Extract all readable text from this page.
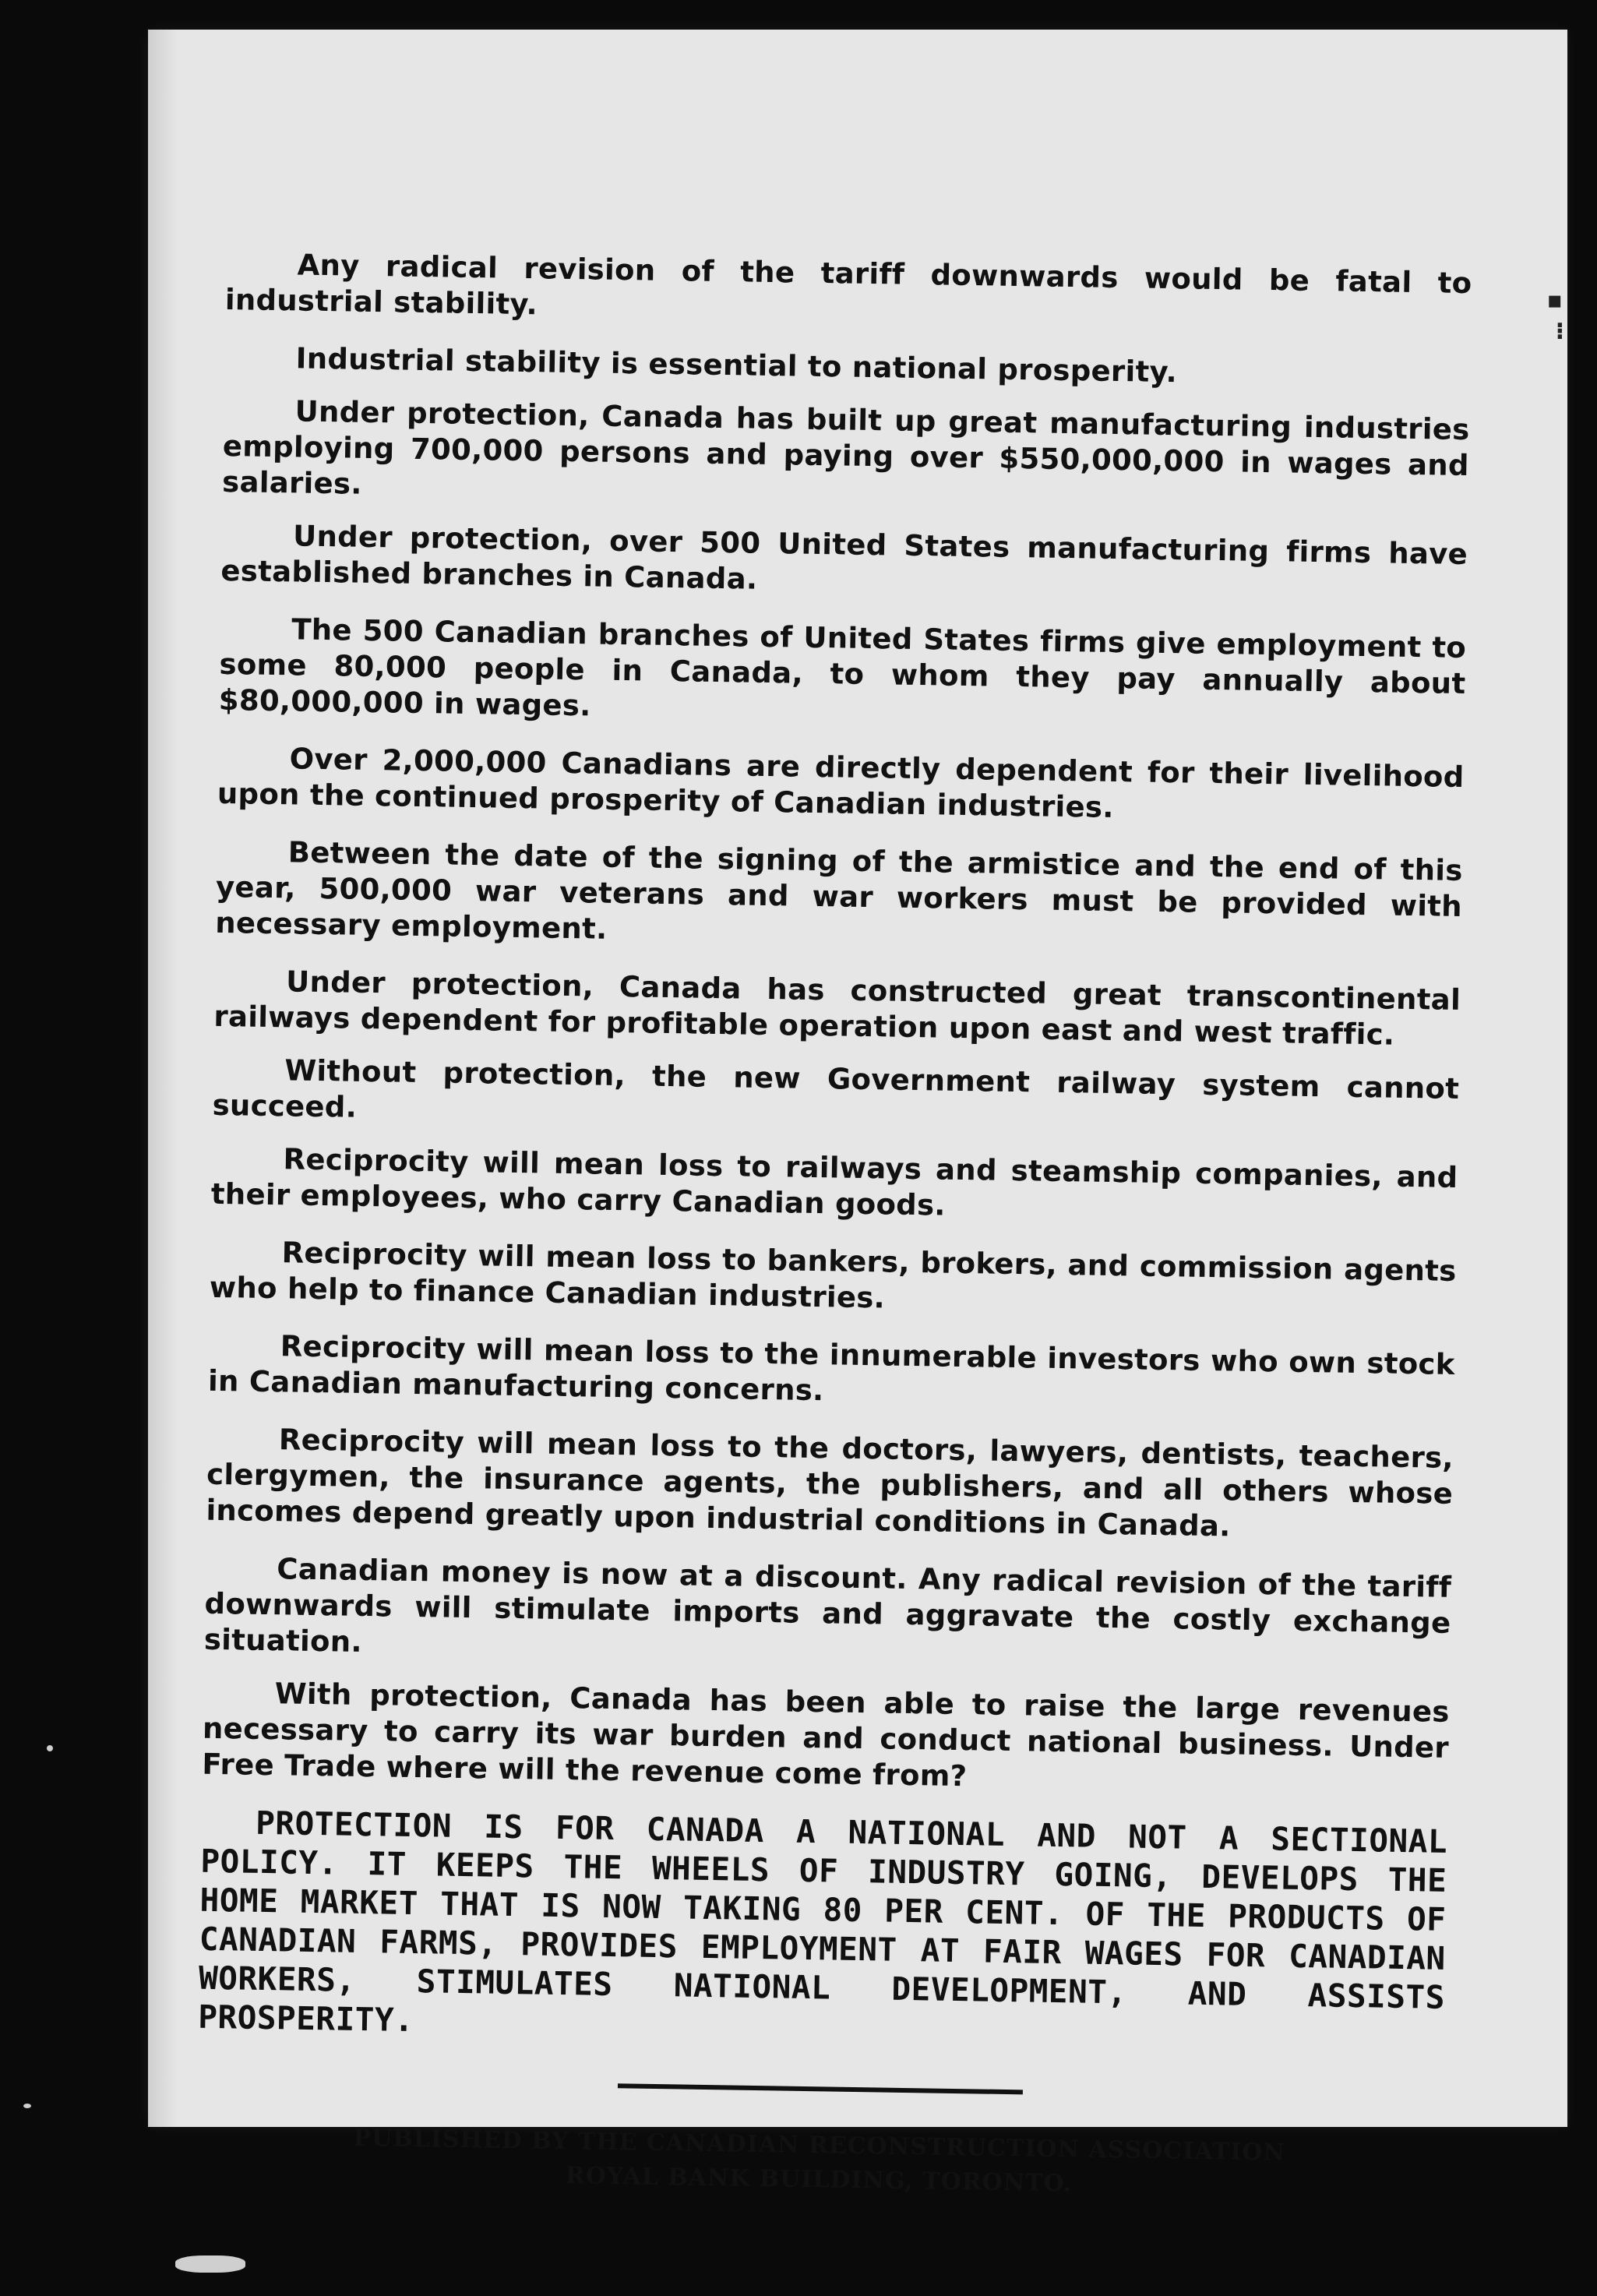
▪
⁝

Any radical revision of the tariff downwards would be fatal to industrial stability.

Industrial stability is essential to national prosperity.

Under protection, Canada has built up great manufacturing industries employing 700,000 persons and paying over $550,000,000 in wages and salaries.

Under protection, over 500 United States manufacturing firms have established branches in Canada.

The 500 Canadian branches of United States firms give employment to some 80,000 people in Canada, to whom they pay annually about $80,000,000 in wages.

Over 2,000,000 Canadians are directly dependent for their livelihood upon the continued prosperity of Canadian industries.

Between the date of the signing of the armistice and the end of this year, 500,000 war veterans and war workers must be provided with necessary employment.

Under protection, Canada has constructed great transcontinental railways dependent for profitable operation upon east and west traffic.

Without protection, the new Government railway system cannot succeed.

Reciprocity will mean loss to railways and steamship companies, and their employees, who carry Canadian goods.

Reciprocity will mean loss to bankers, brokers, and commission agents who help to finance Canadian industries.

Reciprocity will mean loss to the innumerable investors who own stock in Canadian manufacturing concerns.

Reciprocity will mean loss to the doctors, lawyers, dentists, teachers, clergymen, the insurance agents, the publishers, and all others whose incomes depend greatly upon industrial conditions in Canada.

Canadian money is now at a discount. Any radical revision of the tariff downwards will stimulate imports and aggravate the costly exchange situation.

With protection, Canada has been able to raise the large revenues necessary to carry its war burden and conduct national business. Under Free Trade where will the revenue come from?

PROTECTION IS FOR CANADA A NATIONAL AND NOT A SECTIONAL POLICY. IT KEEPS THE WHEELS OF INDUSTRY GOING, DEVELOPS THE HOME MARKET THAT IS NOW TAKING 80 PER CENT. OF THE PRODUCTS OF CANADIAN FARMS, PROVIDES EMPLOYMENT AT FAIR WAGES FOR CANADIAN WORKERS, STIMULATES NATIONAL DEVELOPMENT, AND ASSISTS PROSPERITY.

PUBLISHED BY THE CANADIAN RECONSTRUCTION ASSOCIATION
ROYAL BANK BUILDING, TORONTO.
